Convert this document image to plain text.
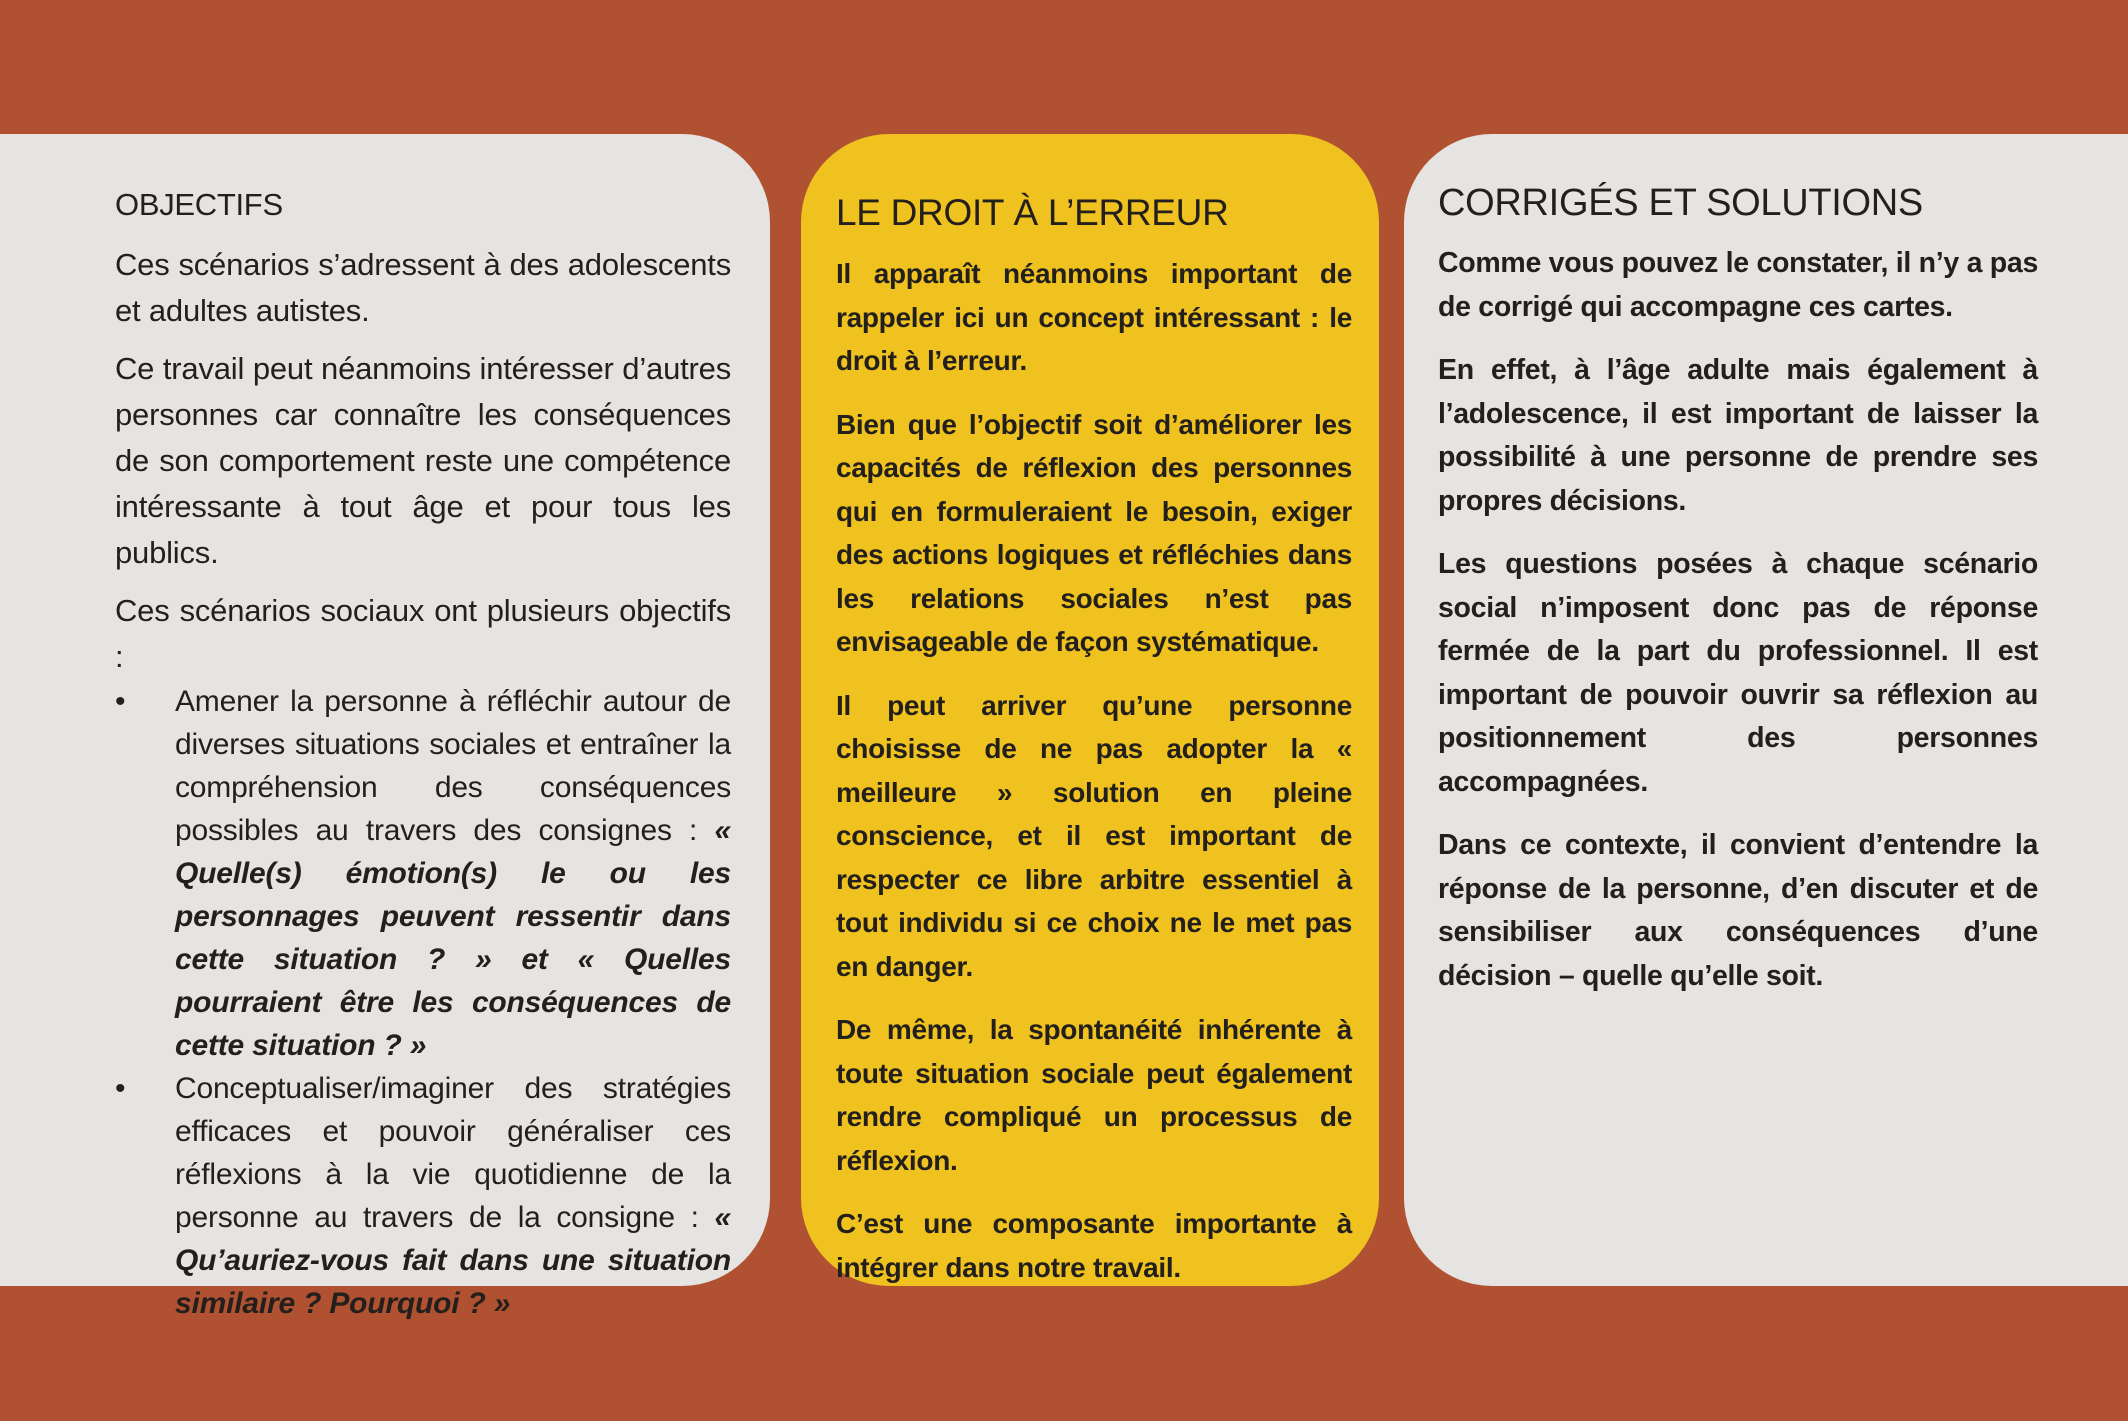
OBJECTIFS

Ces scénarios s’adressent à des adolescents et adultes autistes.

Ce travail peut néanmoins intéresser d’autres personnes car connaître les conséquences de son comportement reste une compétence intéressante à tout âge et pour tous les publics.

Ces scénarios sociaux ont plusieurs objectifs :

•	Amener la personne à réfléchir autour de diverses situations sociales et entraîner la compréhension des conséquences possibles au travers des consignes : « Quelle(s) émotion(s) le ou les personnages peuvent ressentir dans cette situation ? » et « Quelles pourraient être les conséquences de cette situation ? »
•	Conceptualiser/imaginer des stratégies efficaces et pouvoir généraliser ces réflexions à la vie quotidienne de la personne au travers de la consigne : « Qu’auriez-vous fait dans une situation similaire ? Pourquoi ? »
LE DROIT À L’ERREUR

Il apparaît néanmoins important de rappeler ici un concept intéressant : le droit à l’erreur.

Bien que l’objectif soit d’améliorer les capacités de réflexion des personnes qui en formuleraient le besoin, exiger des actions logiques et réfléchies dans les relations sociales n’est pas envisageable de façon systématique.

Il peut arriver qu’une personne choisisse de ne pas adopter la « meilleure » solution en pleine conscience, et il est important de respecter ce libre arbitre essentiel à tout individu si ce choix ne le met pas en danger.

De même, la spontanéité inhérente à toute situation sociale peut également rendre compliqué un processus de réflexion.

C’est une composante importante à intégrer dans notre travail.

CORRIGÉS ET SOLUTIONS

Comme vous pouvez le constater, il n’y a pas de corrigé qui accompagne ces cartes.

En effet, à l’âge adulte mais également à l’adolescence, il est important de laisser la possibilité à une personne de prendre ses propres décisions.

Les questions posées à chaque scénario social n’imposent donc pas de réponse fermée de la part du professionnel. Il est important de pouvoir ouvrir sa réflexion au positionnement des personnes accompagnées.

Dans ce contexte, il convient d’entendre la réponse de la personne, d’en discuter et de sensibiliser aux conséquences d’une décision – quelle qu’elle soit.
